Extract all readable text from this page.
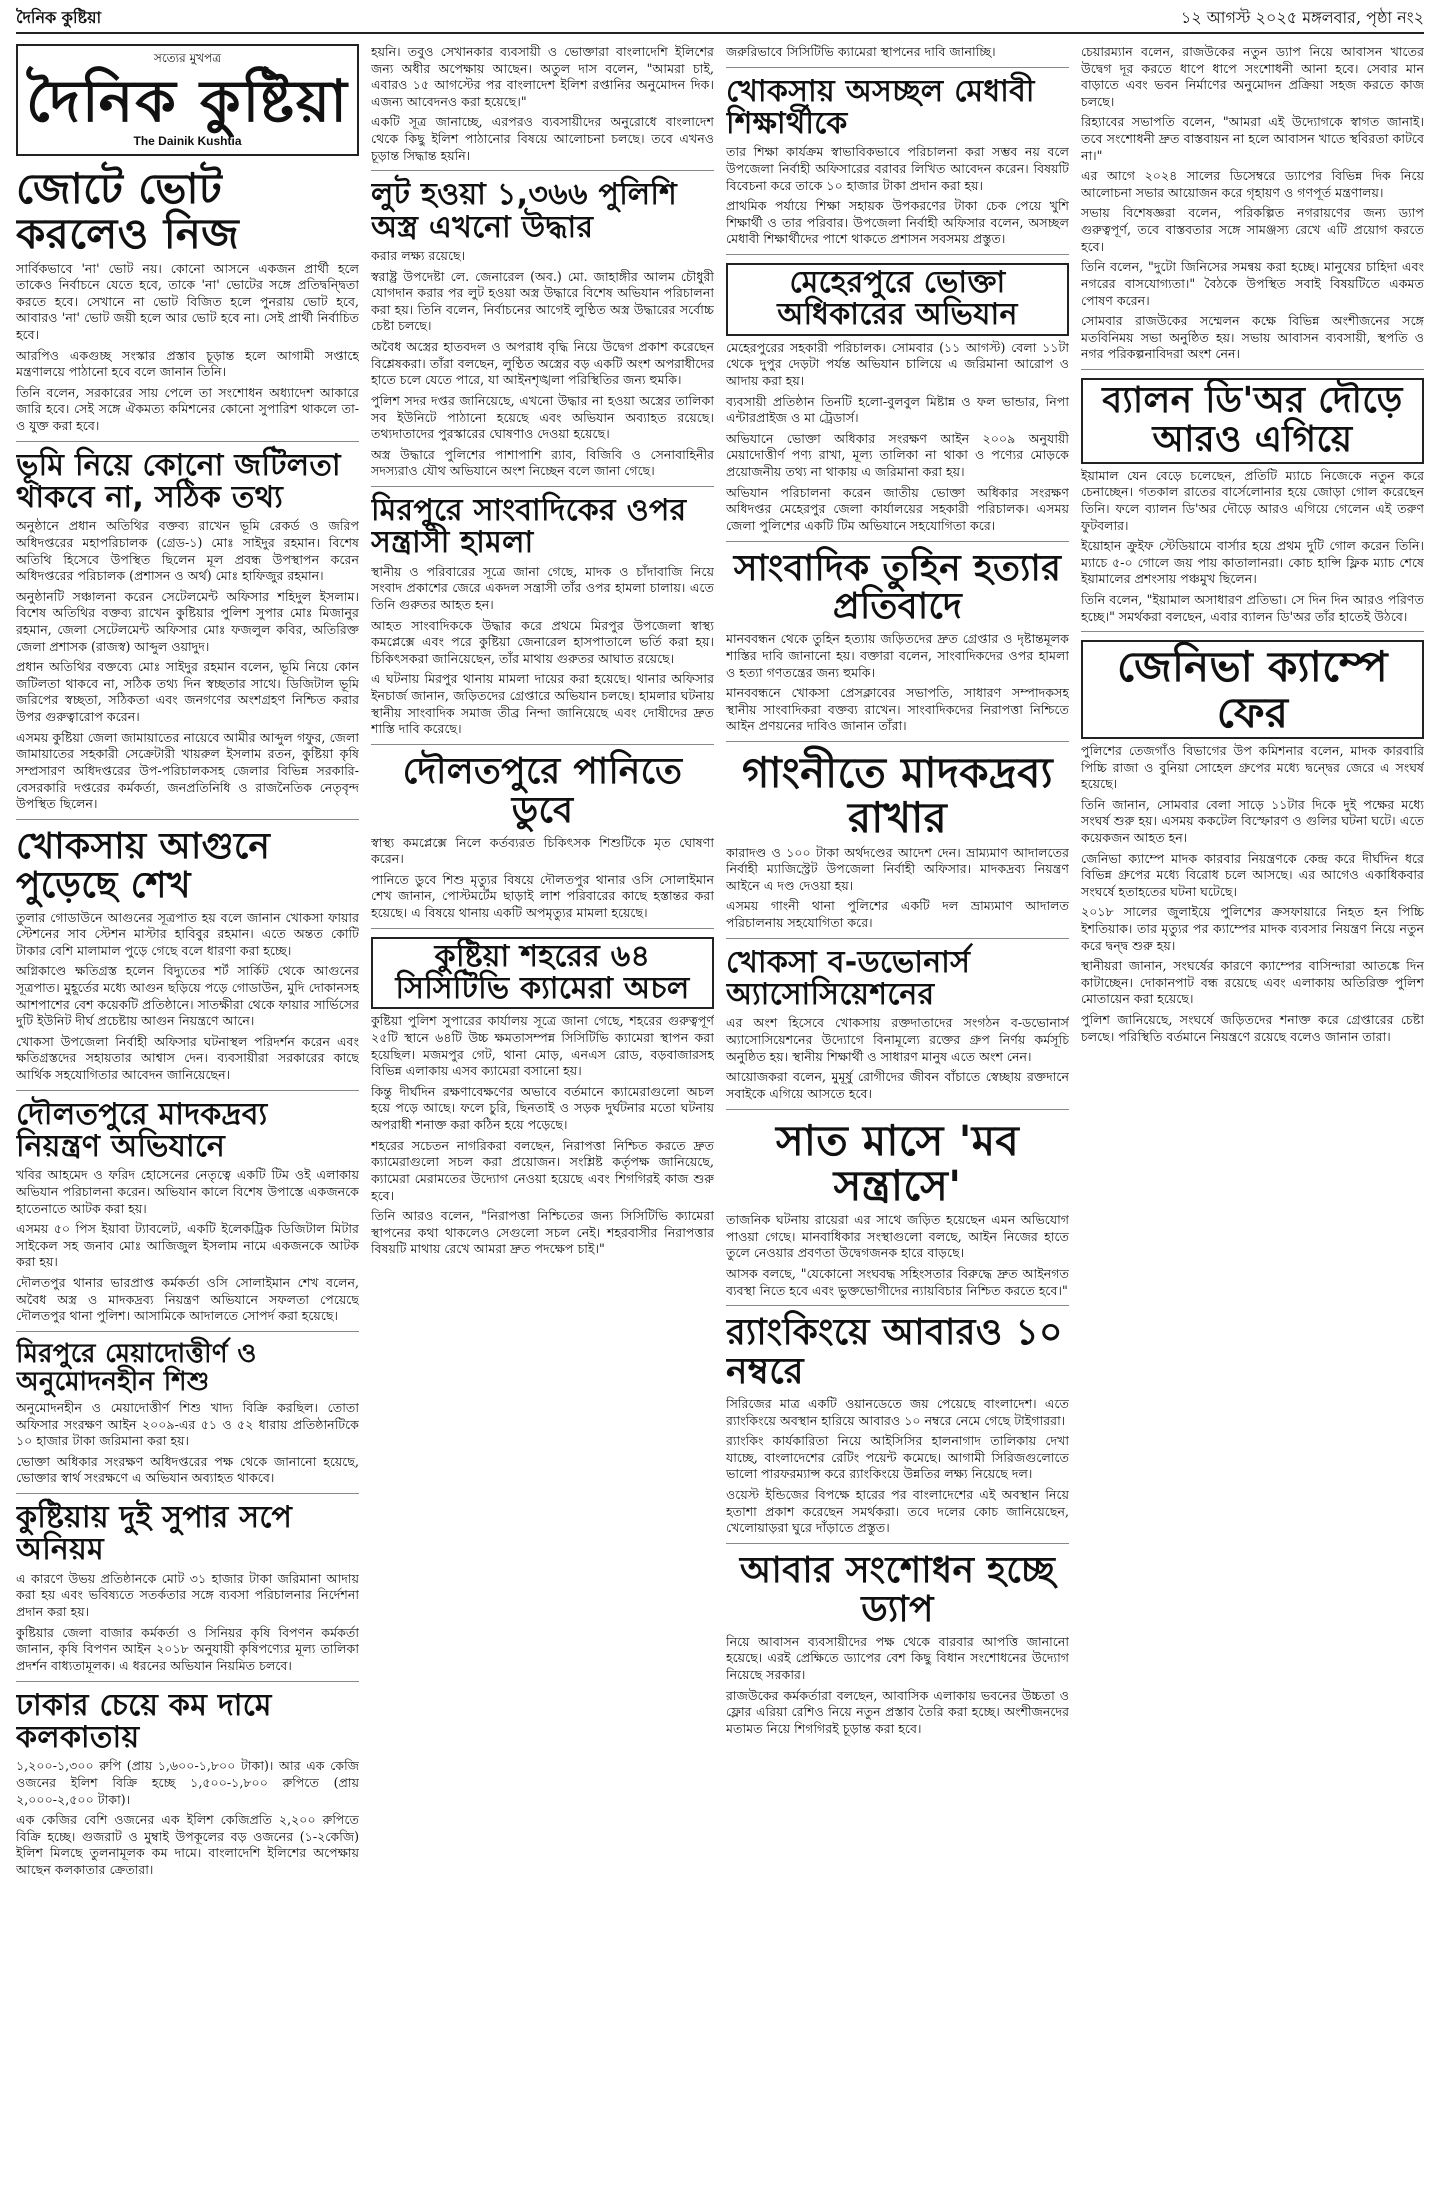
দৈনিক কুষ্টিয়া	১২ আগস্ট ২০২৫ মঙ্গলবার, পৃষ্ঠা নং২
সত্যের মুখপত্র
দৈনিক কুষ্টিয়া
The Dainik Kushtia
জোটে ভোট করলেও নিজ

সার্বিকভাবে 'না' ভোট নয়। কোনো আসনে একজন প্রার্থী হলে তাকেও নির্বাচনে যেতে হবে, তাকে 'না' ভোটের সঙ্গে প্রতিদ্বন্দ্বিতা করতে হবে। সেখানে না ভোট বিজিত হলে পুনরায় ভোট হবে, আবারও 'না' ভোট জয়ী হলে আর ভোট হবে না। সেই প্রার্থী নির্বাচিত হবে।

আরপিও একগুচ্ছ সংস্কার প্রস্তাব চূড়ান্ত হলে আগামী সপ্তাহে মন্ত্রণালয়ে পাঠানো হবে বলে জানান তিনি।

তিনি বলেন, সরকারের সায় পেলে তা সংশোধন অধ্যাদেশ আকারে জারি হবে। সেই সঙ্গে ঐকমত্য কমিশনের কোনো সুপারিশ থাকলে তা-ও যুক্ত করা হবে।

ভূমি নিয়ে কোনো জটিলতা থাকবে না, সঠিক তথ্য

অনুষ্ঠানে প্রধান অতিথির বক্তব্য রাখেন ভূমি রেকর্ড ও জরিপ অধিদপ্তরের মহাপরিচালক (গ্রেড-১) মোঃ সাইদুর রহমান। বিশেষ অতিথি হিসেবে উপস্থিত ছিলেন মূল প্রবন্ধ উপস্থাপন করেন অধিদপ্তরের পরিচালক (প্রশাসন ও অর্থ) মোঃ হাফিজুর রহমান।

অনুষ্ঠানটি সঞ্চালনা করেন সেটেলমেন্ট অফিসার শহিদুল ইসলাম। বিশেষ অতিথির বক্তব্য রাখেন কুষ্টিয়ার পুলিশ সুপার মোঃ মিজানুর রহমান, জেলা সেটেলমেন্ট অফিসার মোঃ ফজলুল কবির, অতিরিক্ত জেলা প্রশাসক (রাজস্ব) আব্দুল ওয়াদুদ।

প্রধান অতিথির বক্তব্যে মোঃ সাইদুর রহমান বলেন, ভূমি নিয়ে কোন জটিলতা থাকবে না, সঠিক তথ্য দিন স্বচ্ছতার সাথে। ডিজিটাল ভূমি জরিপের স্বচ্ছতা, সঠিকতা এবং জনগণের অংশগ্রহণ নিশ্চিত করার উপর গুরুত্বারোপ করেন।

এসময় কুষ্টিয়া জেলা জামায়াতের নায়েবে আমীর আব্দুল গফুর, জেলা জামায়াতের সহকারী সেক্রেটারী খায়রুল ইসলাম রতন, কুষ্টিয়া কৃষি সম্প্রসারণ অধিদপ্তরের উপ-পরিচালকসহ জেলার বিভিন্ন সরকারি-বেসরকারি দপ্তরের কর্মকর্তা, জনপ্রতিনিধি ও রাজনৈতিক নেতৃবৃন্দ উপস্থিত ছিলেন।

খোকসায় আগুনে পুড়েছে শেখ

তুলার গোডাউনে আগুনের সূত্রপাত হয় বলে জানান খোকসা ফায়ার স্টেশনের সাব স্টেশন মাস্টার হাবিবুর রহমান। এতে অন্তত কোটি টাকার বেশি মালামাল পুড়ে গেছে বলে ধারণা করা হচ্ছে।

অগ্নিকাণ্ডে ক্ষতিগ্রস্ত হলেন বিদ্যুতের শর্ট সার্কিট থেকে আগুনের সূত্রপাত। মুহূর্তের মধ্যে আগুন ছড়িয়ে পড়ে গোডাউন, মুদি দোকানসহ আশপাশের বেশ কয়েকটি প্রতিষ্ঠানে। সাতক্ষীরা থেকে ফায়ার সার্ভিসের দুটি ইউনিট দীর্ঘ প্রচেষ্টায় আগুন নিয়ন্ত্রণে আনে।

খোকসা উপজেলা নির্বাহী অফিসার ঘটনাস্থল পরিদর্শন করেন এবং ক্ষতিগ্রস্তদের সহায়তার আশ্বাস দেন। ব্যবসায়ীরা সরকারের কাছে আর্থিক সহযোগিতার আবেদন জানিয়েছেন।

দৌলতপুরে মাদকদ্রব্য নিয়ন্ত্রণ অভিযানে

খবির আহমেদ ও ফরিদ হোসেনের নেতৃত্বে একটি টিম ওই এলাকায় অভিযান পরিচালনা করেন। অভিযান কালে বিশেষ উপাস্তে একজনকে হাতেনাতে আটক করা হয়।

এসময় ৫০ পিস ইয়াবা ট্যাবলেট, একটি ইলেকট্রিক ডিজিটাল মিটার সাইকেল সহ জনাব মোঃ আজিজুল ইসলাম নামে একজনকে আটক করা হয়।

দৌলতপুর থানার ভারপ্রাপ্ত কর্মকর্তা ওসি সোলাইমান শেখ বলেন, অবৈধ অস্ত্র ও মাদকদ্রব্য নিয়ন্ত্রণ অভিযানে সফলতা পেয়েছে দৌলতপুর থানা পুলিশ। আসামিকে আদালতে সোপর্দ করা হয়েছে।

মিরপুরে মেয়াদোত্তীর্ণ ও অনুমোদনহীন শিশু

অনুমোদনহীন ও মেয়াদোত্তীর্ণ শিশু খাদ্য বিক্রি করছিল। তোতা অফিসার সংরক্ষণ আইন ২০০৯-এর ৫১ ও ৫২ ধারায় প্রতিষ্ঠানটিকে ১০ হাজার টাকা জরিমানা করা হয়।

ভোক্তা অধিকার সংরক্ষণ অধিদপ্তরের পক্ষ থেকে জানানো হয়েছে, ভোক্তার স্বার্থ সংরক্ষণে এ অভিযান অব্যাহত থাকবে।

কুষ্টিয়ায় দুই সুপার সপে অনিয়ম

এ কারণে উভয় প্রতিষ্ঠানকে মোট ৩১ হাজার টাকা জরিমানা আদায় করা হয় এবং ভবিষ্যতে সতর্কতার সঙ্গে ব্যবসা পরিচালনার নির্দেশনা প্রদান করা হয়।

কুষ্টিয়ার জেলা বাজার কর্মকর্তা ও সিনিয়র কৃষি বিপণন কর্মকর্তা জানান, কৃষি বিপণন আইন ২০১৮ অনুযায়ী কৃষিপণ্যের মূল্য তালিকা প্রদর্শন বাধ্যতামূলক। এ ধরনের অভিযান নিয়মিত চলবে।

ঢাকার চেয়ে কম দামে কলকাতায়

১,২০০-১,৩০০ রুপি (প্রায় ১,৬০০-১,৮০০ টাকা)। আর এক কেজি ওজনের ইলিশ বিক্রি হচ্ছে ১,৫০০-১,৮০০ রুপিতে (প্রায় ২,০০০-২,৫০০ টাকা)।

এক কেজির বেশি ওজনের এক ইলিশ কেজিপ্রতি ২,২০০ রুপিতে বিক্রি হচ্ছে। গুজরাট ও মুম্বাই উপকূলের বড় ওজনের (১-২কেজি) ইলিশ মিলছে তুলনামূলক কম দামে। বাংলাদেশি ইলিশের অপেক্ষায় আছেন কলকাতার ক্রেতারা।

হয়নি। তবুও সেখানকার ব্যবসায়ী ও ভোক্তারা বাংলাদেশি ইলিশের জন্য অধীর অপেক্ষায় আছেন। অতুল দাস বলেন, "আমরা চাই, এবারও ১৫ আগস্টের পর বাংলাদেশ ইলিশ রপ্তানির অনুমোদন দিক। এজন্য আবেদনও করা হয়েছে।"

একটি সূত্র জানাচ্ছে, এরপরও ব্যবসায়ীদের অনুরোধে বাংলাদেশ থেকে কিছু ইলিশ পাঠানোর বিষয়ে আলোচনা চলছে। তবে এখনও চূড়ান্ত সিদ্ধান্ত হয়নি।

লুট হওয়া ১,৩৬৬ পুলিশি অস্ত্র এখনো উদ্ধার

করার লক্ষ্য রয়েছে।

স্বরাষ্ট্র উপদেষ্টা লে. জেনারেল (অব.) মো. জাহাঙ্গীর আলম চৌধুরী যোগদান করার পর লুট হওয়া অস্ত্র উদ্ধারে বিশেষ অভিযান পরিচালনা করা হয়। তিনি বলেন, নির্বাচনের আগেই লুণ্ঠিত অস্ত্র উদ্ধারের সর্বোচ্চ চেষ্টা চলছে।

অবৈধ অস্ত্রের হাতবদল ও অপরাধ বৃদ্ধি নিয়ে উদ্বেগ প্রকাশ করেছেন বিশ্লেষকরা। তাঁরা বলছেন, লুণ্ঠিত অস্ত্রের বড় একটি অংশ অপরাধীদের হাতে চলে যেতে পারে, যা আইনশৃঙ্খলা পরিস্থিতির জন্য হুমকি।

পুলিশ সদর দপ্তর জানিয়েছে, এখনো উদ্ধার না হওয়া অস্ত্রের তালিকা সব ইউনিটে পাঠানো হয়েছে এবং অভিযান অব্যাহত রয়েছে। তথ্যদাতাদের পুরস্কারের ঘোষণাও দেওয়া হয়েছে।

অস্ত্র উদ্ধারে পুলিশের পাশাপাশি র‍্যাব, বিজিবি ও সেনাবাহিনীর সদস্যরাও যৌথ অভিযানে অংশ নিচ্ছেন বলে জানা গেছে।

মিরপুরে সাংবাদিকের ওপর সন্ত্রাসী হামলা

স্থানীয় ও পরিবারের সূত্রে জানা গেছে, মাদক ও চাঁদাবাজি নিয়ে সংবাদ প্রকাশের জেরে একদল সন্ত্রাসী তাঁর ওপর হামলা চালায়। এতে তিনি গুরুতর আহত হন।

আহত সাংবাদিককে উদ্ধার করে প্রথমে মিরপুর উপজেলা স্বাস্থ্য কমপ্লেক্সে এবং পরে কুষ্টিয়া জেনারেল হাসপাতালে ভর্তি করা হয়। চিকিৎসকরা জানিয়েছেন, তাঁর মাথায় গুরুতর আঘাত রয়েছে।

এ ঘটনায় মিরপুর থানায় মামলা দায়ের করা হয়েছে। থানার অফিসার ইনচার্জ জানান, জড়িতদের গ্রেপ্তারে অভিযান চলছে। হামলার ঘটনায় স্থানীয় সাংবাদিক সমাজ তীব্র নিন্দা জানিয়েছে এবং দোষীদের দ্রুত শাস্তি দাবি করেছে।

দৌলতপুরে পানিতে ডুবে

স্বাস্থ্য কমপ্লেক্সে নিলে কর্তব্যরত চিকিৎসক শিশুটিকে মৃত ঘোষণা করেন।

পানিতে ডুবে শিশু মৃত্যুর বিষয়ে দৌলতপুর থানার ওসি সোলাইমান শেখ জানান, পোস্টমর্টেম ছাড়াই লাশ পরিবারের কাছে হস্তান্তর করা হয়েছে। এ বিষয়ে থানায় একটি অপমৃত্যুর মামলা হয়েছে।

কুষ্টিয়া শহরের ৬৪ সিসিটিভি ক্যামেরা অচল

কুষ্টিয়া পুলিশ সুপারের কার্যালয় সূত্রে জানা গেছে, শহরের গুরুত্বপূর্ণ ২৫টি স্থানে ৬৪টি উচ্চ ক্ষমতাসম্পন্ন সিসিটিভি ক্যামেরা স্থাপন করা হয়েছিল। মজমপুর গেট, থানা মোড়, এনএস রোড, বড়বাজারসহ বিভিন্ন এলাকায় এসব ক্যামেরা বসানো হয়।

কিন্তু দীর্ঘদিন রক্ষণাবেক্ষণের অভাবে বর্তমানে ক্যামেরাগুলো অচল হয়ে পড়ে আছে। ফলে চুরি, ছিনতাই ও সড়ক দুর্ঘটনার মতো ঘটনায় অপরাধী শনাক্ত করা কঠিন হয়ে পড়েছে।

শহরের সচেতন নাগরিকরা বলছেন, নিরাপত্তা নিশ্চিত করতে দ্রুত ক্যামেরাগুলো সচল করা প্রয়োজন। সংশ্লিষ্ট কর্তৃপক্ষ জানিয়েছে, ক্যামেরা মেরামতের উদ্যোগ নেওয়া হয়েছে এবং শিগগিরই কাজ শুরু হবে।

তিনি আরও বলেন, "নিরাপত্তা নিশ্চিতের জন্য সিসিটিভি ক্যামেরা স্থাপনের কথা থাকলেও সেগুলো সচল নেই। শহরবাসীর নিরাপত্তার বিষয়টি মাথায় রেখে আমরা দ্রুত পদক্ষেপ চাই।"

জরুরিভাবে সিসিটিভি ক্যামেরা স্থাপনের দাবি জানাচ্ছি।

খোকসায় অসচ্ছল মেধাবী শিক্ষার্থীকে

তার শিক্ষা কার্যক্রম স্বাভাবিকভাবে পরিচালনা করা সম্ভব নয় বলে উপজেলা নির্বাহী অফিসারের বরাবর লিখিত আবেদন করেন। বিষয়টি বিবেচনা করে তাকে ১০ হাজার টাকা প্রদান করা হয়।

প্রাথমিক পর্যায়ে শিক্ষা সহায়ক উপকরণের টাকা চেক পেয়ে খুশি শিক্ষার্থী ও তার পরিবার। উপজেলা নির্বাহী অফিসার বলেন, অসচ্ছল মেধাবী শিক্ষার্থীদের পাশে থাকতে প্রশাসন সবসময় প্রস্তুত।

মেহেরপুরে ভোক্তা অধিকারের অভিযান

মেহেরপুরের সহকারী পরিচালক। সোমবার (১১ আগস্ট) বেলা ১১টা থেকে দুপুর দেড়টা পর্যন্ত অভিযান চালিয়ে এ জরিমানা আরোপ ও আদায় করা হয়।

ব্যবসায়ী প্রতিষ্ঠান তিনটি হলো-বুলবুল মিষ্টান্ন ও ফল ভান্ডার, নিপা এন্টারপ্রাইজ ও মা ট্রেডার্স।

অভিযানে ভোক্তা অধিকার সংরক্ষণ আইন ২০০৯ অনুযায়ী মেয়াদোত্তীর্ণ পণ্য রাখা, মূল্য তালিকা না থাকা ও পণ্যের মোড়কে প্রয়োজনীয় তথ্য না থাকায় এ জরিমানা করা হয়।

অভিযান পরিচালনা করেন জাতীয় ভোক্তা অধিকার সংরক্ষণ অধিদপ্তর মেহেরপুর জেলা কার্যালয়ের সহকারী পরিচালক। এসময় জেলা পুলিশের একটি টিম অভিযানে সহযোগিতা করে।

সাংবাদিক তুহিন হত্যার প্রতিবাদে

মানববন্ধন থেকে তুহিন হত্যায় জড়িতদের দ্রুত গ্রেপ্তার ও দৃষ্টান্তমূলক শাস্তির দাবি জানানো হয়। বক্তারা বলেন, সাংবাদিকদের ওপর হামলা ও হত্যা গণতন্ত্রের জন্য হুমকি।

মানববন্ধনে খোকসা প্রেসক্লাবের সভাপতি, সাধারণ সম্পাদকসহ স্থানীয় সাংবাদিকরা বক্তব্য রাখেন। সাংবাদিকদের নিরাপত্তা নিশ্চিতে আইন প্রণয়নের দাবিও জানান তাঁরা।

গাংনীতে মাদকদ্রব্য রাখার

কারাদণ্ড ও ১০০ টাকা অর্থদণ্ডের আদেশ দেন। ভ্রাম্যমাণ আদালতের নির্বাহী ম্যাজিস্ট্রেট উপজেলা নির্বাহী অফিসার। মাদকদ্রব্য নিয়ন্ত্রণ আইনে এ দণ্ড দেওয়া হয়।

এসময় গাংনী থানা পুলিশের একটি দল ভ্রাম্যমাণ আদালত পরিচালনায় সহযোগিতা করে।

খোকসা ব-ডভোনার্স অ্যাসোসিয়েশনের

এর অংশ হিসেবে খোকসায় রক্তদাতাদের সংগঠন ব-ডভোনার্স অ্যাসোসিয়েশনের উদ্যোগে বিনামূল্যে রক্তের গ্রুপ নির্ণয় কর্মসূচি অনুষ্ঠিত হয়। স্থানীয় শিক্ষার্থী ও সাধারণ মানুষ এতে অংশ নেন।

আয়োজকরা বলেন, মুমূর্ষু রোগীদের জীবন বাঁচাতে স্বেচ্ছায় রক্তদানে সবাইকে এগিয়ে আসতে হবে।

সাত মাসে 'মব সন্ত্রাসে'

তাজনিক ঘটনায় রায়েরা এর সাথে জড়িত হয়েছেন এমন অভিযোগ পাওয়া গেছে। মানবাধিকার সংস্থাগুলো বলছে, আইন নিজের হাতে তুলে নেওয়ার প্রবণতা উদ্বেগজনক হারে বাড়ছে।

আসক বলছে, "যেকোনো সংঘবদ্ধ সহিংসতার বিরুদ্ধে দ্রুত আইনগত ব্যবস্থা নিতে হবে এবং ভুক্তভোগীদের ন্যায়বিচার নিশ্চিত করতে হবে।"

র‍্যাংকিংয়ে আবারও ১০ নম্বরে

সিরিজের মাত্র একটি ওয়ানডেতে জয় পেয়েছে বাংলাদেশ। এতে র‍্যাংকিংয়ে অবস্থান হারিয়ে আবারও ১০ নম্বরে নেমে গেছে টাইগাররা।

র‍্যাংকিং কার্যকারিতা নিয়ে আইসিসির হালনাগাদ তালিকায় দেখা যাচ্ছে, বাংলাদেশের রেটিং পয়েন্ট কমেছে। আগামী সিরিজগুলোতে ভালো পারফরম্যান্স করে র‍্যাংকিংয়ে উন্নতির লক্ষ্য নিয়েছে দল।

ওয়েস্ট ইন্ডিজের বিপক্ষে হারের পর বাংলাদেশের এই অবস্থান নিয়ে হতাশা প্রকাশ করেছেন সমর্থকরা। তবে দলের কোচ জানিয়েছেন, খেলোয়াড়রা ঘুরে দাঁড়াতে প্রস্তুত।

আবার সংশোধন হচ্ছে ড্যাপ

নিয়ে আবাসন ব্যবসায়ীদের পক্ষ থেকে বারবার আপত্তি জানানো হয়েছে। এরই প্রেক্ষিতে ড্যাপের বেশ কিছু বিধান সংশোধনের উদ্যোগ নিয়েছে সরকার।

রাজউকের কর্মকর্তারা বলছেন, আবাসিক এলাকায় ভবনের উচ্চতা ও ফ্লোর এরিয়া রেশিও নিয়ে নতুন প্রস্তাব তৈরি করা হচ্ছে। অংশীজনদের মতামত নিয়ে শিগগিরই চূড়ান্ত করা হবে।

চেয়ারম্যান বলেন, রাজউকের নতুন ড্যাপ নিয়ে আবাসন খাতের উদ্বেগ দূর করতে ধাপে ধাপে সংশোধনী আনা হবে। সেবার মান বাড়াতে এবং ভবন নির্মাণের অনুমোদন প্রক্রিয়া সহজ করতে কাজ চলছে।

রিহ্যাবের সভাপতি বলেন, "আমরা এই উদ্যোগকে স্বাগত জানাই। তবে সংশোধনী দ্রুত বাস্তবায়ন না হলে আবাসন খাতে স্থবিরতা কাটবে না।"

এর আগে ২০২৪ সালের ডিসেম্বরে ড্যাপের বিভিন্ন দিক নিয়ে আলোচনা সভার আয়োজন করে গৃহায়ণ ও গণপূর্ত মন্ত্রণালয়।

সভায় বিশেষজ্ঞরা বলেন, পরিকল্পিত নগরায়ণের জন্য ড্যাপ গুরুত্বপূর্ণ, তবে বাস্তবতার সঙ্গে সামঞ্জস্য রেখে এটি প্রয়োগ করতে হবে।

তিনি বলেন, "দুটো জিনিসের সমন্বয় করা হচ্ছে। মানুষের চাহিদা এবং নগরের বাসযোগ্যতা।" বৈঠকে উপস্থিত সবাই বিষয়টিতে একমত পোষণ করেন।

সোমবার রাজউকের সম্মেলন কক্ষে বিভিন্ন অংশীজনের সঙ্গে মতবিনিময় সভা অনুষ্ঠিত হয়। সভায় আবাসন ব্যবসায়ী, স্থপতি ও নগর পরিকল্পনাবিদরা অংশ নেন।

ব্যালন ডি'অর দৌড়ে আরও এগিয়ে

ইয়ামাল যেন বেড়ে চলেছেন, প্রতিটি ম্যাচে নিজেকে নতুন করে চেনাচ্ছেন। গতকাল রাতের বার্সেলোনার হয়ে জোড়া গোল করেছেন তিনি। ফলে ব্যালন ডি'অর দৌড়ে আরও এগিয়ে গেলেন এই তরুণ ফুটবলার।

ইয়োহান ক্রুইফ স্টেডিয়ামে বার্সার হয়ে প্রথম দুটি গোল করেন তিনি। ম্যাচে ৫-০ গোলে জয় পায় কাতালানরা। কোচ হান্সি ফ্লিক ম্যাচ শেষে ইয়ামালের প্রশংসায় পঞ্চমুখ ছিলেন।

তিনি বলেন, "ইয়ামাল অসাধারণ প্রতিভা। সে দিন দিন আরও পরিণত হচ্ছে।" সমর্থকরা বলছেন, এবার ব্যালন ডি'অর তাঁর হাতেই উঠবে।

জেনিভা ক্যাম্পে ফের

পুলিশের তেজগাঁও বিভাগের উপ কমিশনার বলেন, মাদক কারবারি পিচ্চি রাজা ও বুনিয়া সোহেল গ্রুপের মধ্যে দ্বন্দ্বের জেরে এ সংঘর্ষ হয়েছে।

তিনি জানান, সোমবার বেলা সাড়ে ১১টার দিকে দুই পক্ষের মধ্যে সংঘর্ষ শুরু হয়। এসময় ককটেল বিস্ফোরণ ও গুলির ঘটনা ঘটে। এতে কয়েকজন আহত হন।

জেনিভা ক্যাম্পে মাদক কারবার নিয়ন্ত্রণকে কেন্দ্র করে দীর্ঘদিন ধরে বিভিন্ন গ্রুপের মধ্যে বিরোধ চলে আসছে। এর আগেও একাধিকবার সংঘর্ষে হতাহতের ঘটনা ঘটেছে।

২০১৮ সালের জুলাইয়ে পুলিশের ক্রসফায়ারে নিহত হন পিচ্চি ইশতিয়াক। তার মৃত্যুর পর ক্যাম্পের মাদক ব্যবসার নিয়ন্ত্রণ নিয়ে নতুন করে দ্বন্দ্ব শুরু হয়।

স্থানীয়রা জানান, সংঘর্ষের কারণে ক্যাম্পের বাসিন্দারা আতঙ্কে দিন কাটাচ্ছেন। দোকানপাট বন্ধ রয়েছে এবং এলাকায় অতিরিক্ত পুলিশ মোতায়েন করা হয়েছে।

পুলিশ জানিয়েছে, সংঘর্ষে জড়িতদের শনাক্ত করে গ্রেপ্তারের চেষ্টা চলছে। পরিস্থিতি বর্তমানে নিয়ন্ত্রণে রয়েছে বলেও জানান তারা।
